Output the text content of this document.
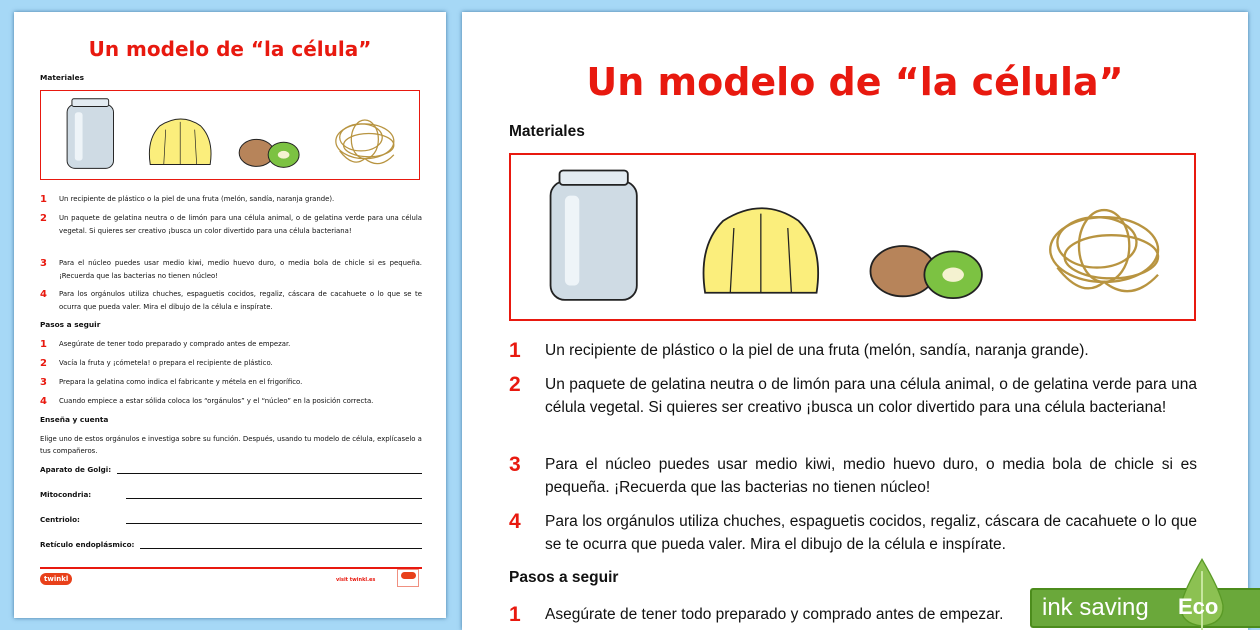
Un modelo de “la célula”
Materiales
1 Un recipiente de plástico o la piel de una fruta (melón, sandía, naranja grande).
2 Un paquete de gelatina neutra o de limón para una célula animal, o de gelatina verde para una célula vegetal. Si quieres ser creativo ¡busca un color divertido para una célula bacteriana!
3 Para el núcleo puedes usar medio kiwi, medio huevo duro, o media bola de chicle si es pequeña. ¡Recuerda que las bacterias no tienen núcleo!
4 Para los orgánulos utiliza chuches, espaguetis cocidos, regaliz, cáscara de cacahuete o lo que se te ocurra que pueda valer. Mira el dibujo de la célula e inspírate.
Pasos a seguir
1 Asegúrate de tener todo preparado y comprado antes de empezar.
2 Vacía la fruta y ¡cómetela! o prepara el recipiente de plástico.
3 Prepara la gelatina como indica el fabricante y métela en el frigorífico.
4 Cuando empiece a estar sólida coloca los “orgánulos” y el “núcleo” en la posición correcta.
Enseña y cuenta
Elige uno de estos orgánulos e investiga sobre su función. Después, usando tu modelo de célula, explícaselo a tus compañeros.
Aparato de Golgi:
Mitocondria:
Centriolo:
Retículo endoplásmico:
twinkl	visit twinkl.es
Un modelo de “la célula”
Materiales
1 Un recipiente de plástico o la piel de una fruta (melón, sandía, naranja grande).
2 Un paquete de gelatina neutra o de limón para una célula animal, o de gelatina verde para una célula vegetal. Si quieres ser creativo ¡busca un color divertido para una célula bacteriana!
3 Para el núcleo puedes usar medio kiwi, medio huevo duro, o media bola de chicle si es pequeña. ¡Recuerda que las bacterias no tienen núcleo!
4 Para los orgánulos utiliza chuches, espaguetis cocidos, regaliz, cáscara de cacahuete o lo que se te ocurra que pueda valer. Mira el dibujo de la célula e inspírate.
Pasos a seguir
1 Asegúrate de tener todo preparado y comprado antes de empezar.	ink saving Eco
